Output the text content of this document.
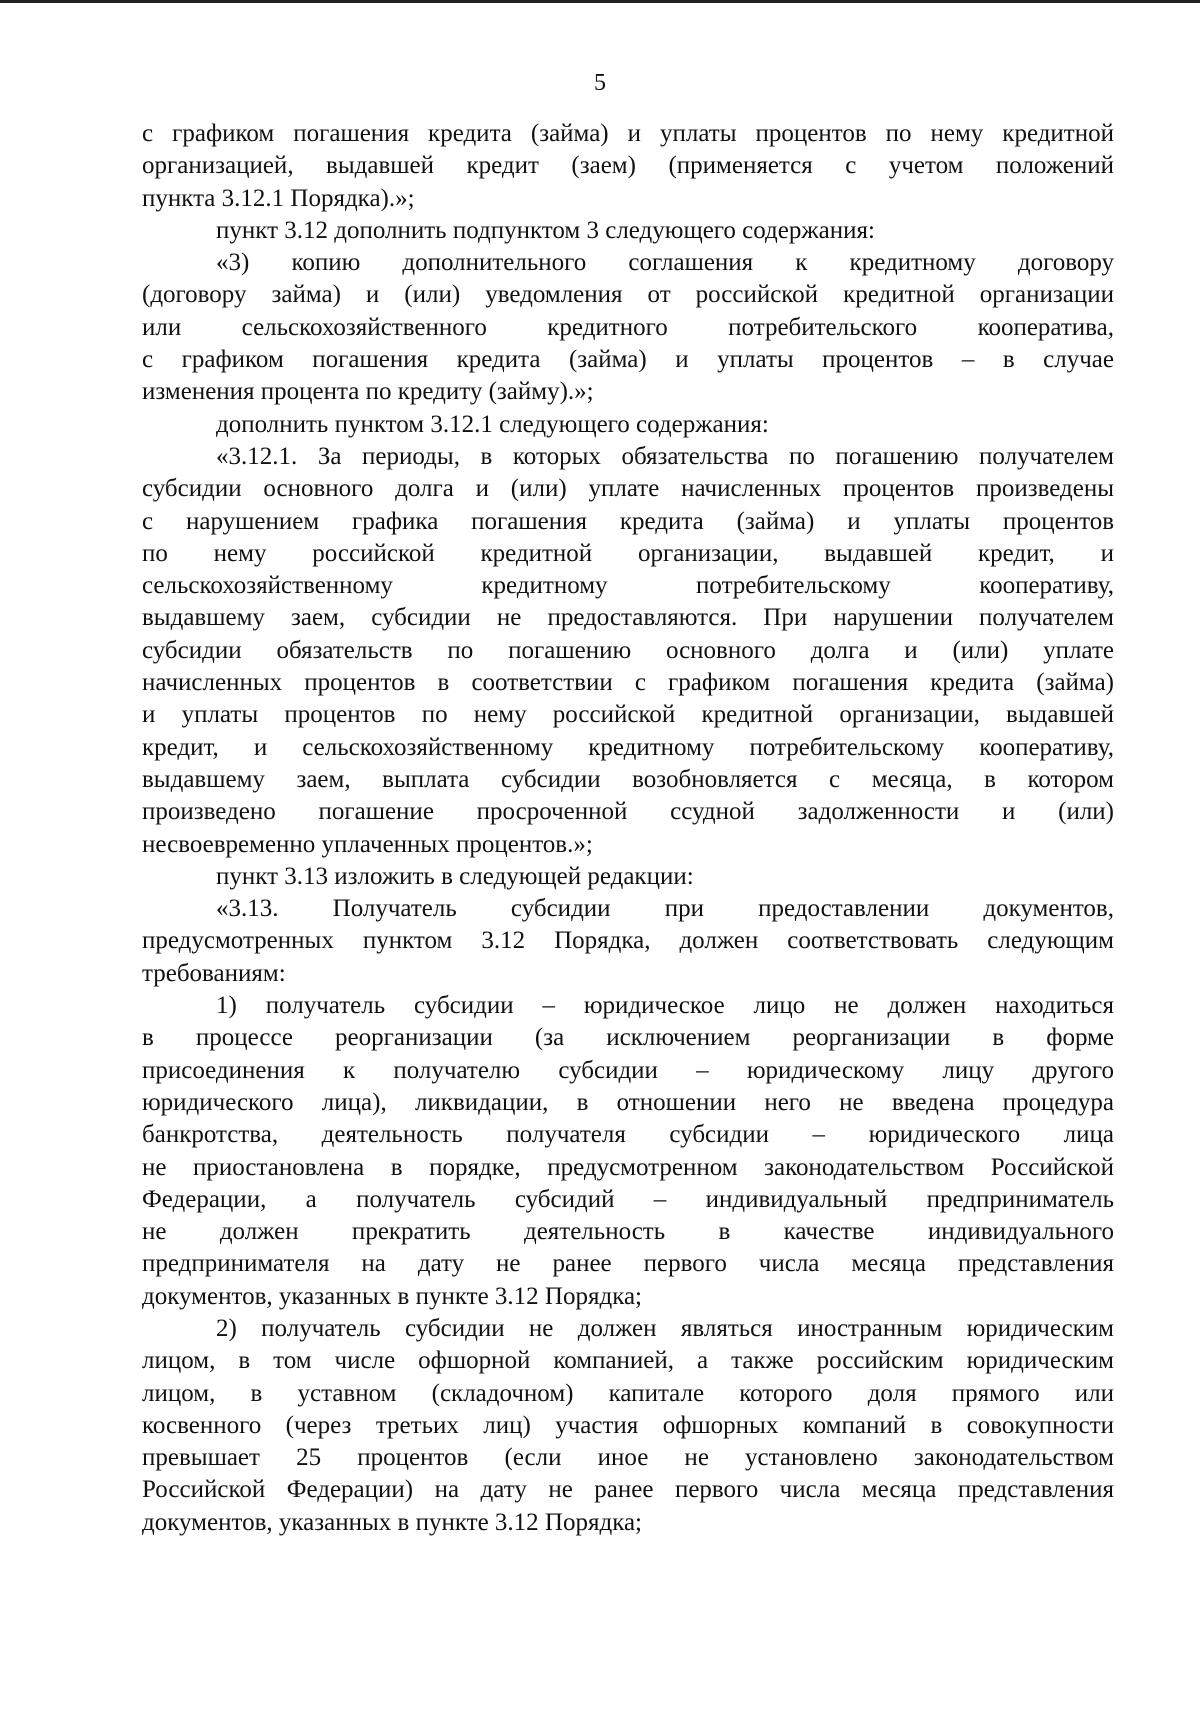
5
с графиком погашения кредита (займа) и уплаты процентов по нему кредитной
организацией, выдавшей кредит (заем) (применяется с учетом положений
пункта 3.12.1 Порядка).»;
пункт 3.12 дополнить подпунктом 3 следующего содержания:
«3) копию дополнительного соглашения к кредитному договору
(договору займа) и (или) уведомления от российской кредитной организации
или сельскохозяйственного кредитного потребительского кооператива,
с графиком погашения кредита (займа) и уплаты процентов – в случае
изменения процента по кредиту (займу).»;
дополнить пунктом 3.12.1 следующего содержания:
«3.12.1. За периоды, в которых обязательства по погашению получателем
субсидии основного долга и (или) уплате начисленных процентов произведены
с нарушением графика погашения кредита (займа) и уплаты процентов
по нему российской кредитной организации, выдавшей кредит, и
сельскохозяйственному кредитному потребительскому кооперативу,
выдавшему заем, субсидии не предоставляются. При нарушении получателем
субсидии обязательств по погашению основного долга и (или) уплате
начисленных процентов в соответствии с графиком погашения кредита (займа)
и уплаты процентов по нему российской кредитной организации, выдавшей
кредит, и сельскохозяйственному кредитному потребительскому кооперативу,
выдавшему заем, выплата субсидии возобновляется с месяца, в котором
произведено погашение просроченной ссудной задолженности и (или)
несвоевременно уплаченных процентов.»;
пункт 3.13 изложить в следующей редакции:
«3.13. Получатель субсидии при предоставлении документов,
предусмотренных пунктом 3.12 Порядка, должен соответствовать следующим
требованиям:
1) получатель субсидии – юридическое лицо не должен находиться
в процессе реорганизации (за исключением реорганизации в форме
присоединения к получателю субсидии – юридическому лицу другого
юридического лица), ликвидации, в отношении него не введена процедура
банкротства, деятельность получателя субсидии – юридического лица
не приостановлена в порядке, предусмотренном законодательством Российской
Федерации, а получатель субсидий – индивидуальный предприниматель
не должен прекратить деятельность в качестве индивидуального
предпринимателя на дату не ранее первого числа месяца представления
документов, указанных в пункте 3.12 Порядка;
2) получатель субсидии не должен являться иностранным юридическим
лицом, в том числе офшорной компанией, а также российским юридическим
лицом, в уставном (складочном) капитале которого доля прямого или
косвенного (через третьих лиц) участия офшорных компаний в совокупности
превышает 25 процентов (если иное не установлено законодательством
Российской Федерации) на дату не ранее первого числа месяца представления
документов, указанных в пункте 3.12 Порядка;
